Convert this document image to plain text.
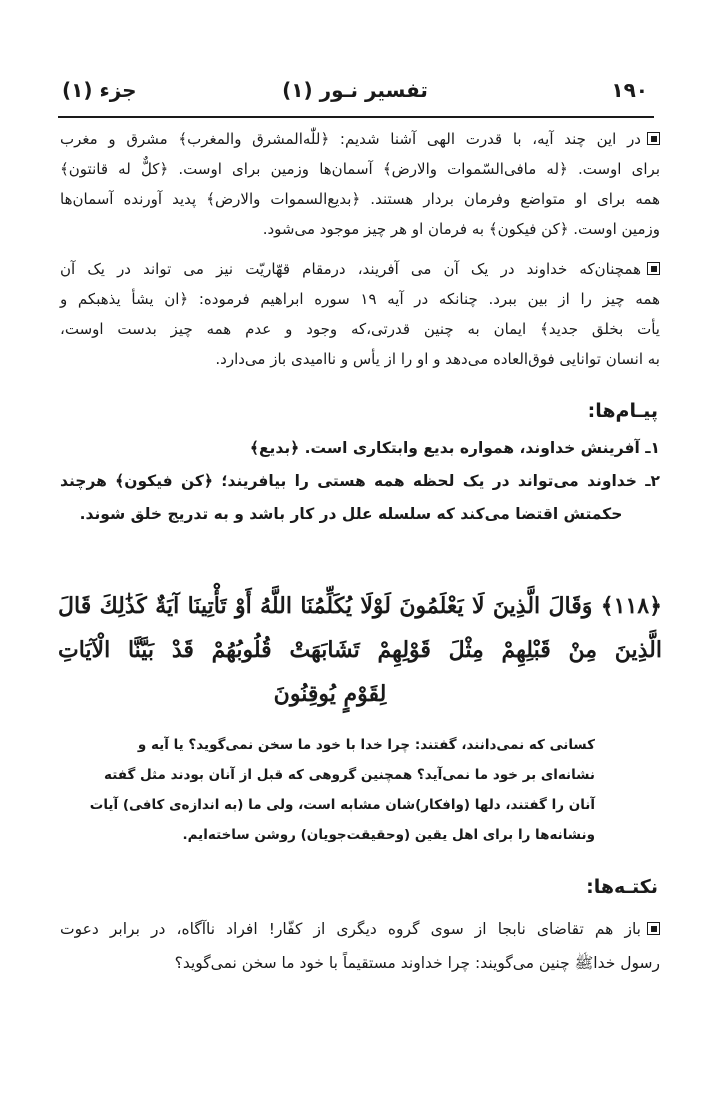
۱۹۰
تفسیر نـور (۱)
جزء (۱)
در این چند آیه، با قدرت الهی آشنا شدیم: ﴿للّٰه‌المشرق والمغرب﴾ مشرق و مغرب
برای اوست. ﴿له مافی‌السّموات والارض﴾ آسمان‌ها وزمین برای اوست. ﴿کلٌّ له قانتون﴾
همه برای او متواضع وفرمان بردار هستند. ﴿بدیع‌السموات والارض﴾ پدید آورنده آسمان‌ها
وزمین اوست. ﴿کن فیکون﴾ به فرمان او هر چیز موجود می‌شود.
همچنان‌که خداوند در یک آن می آفریند، درمقام قهّاریّت نیز می تواند در یک آن
همه چیز را از بین ببرد. چنانکه در آیه ۱۹ سوره ابراهیم فرموده: ﴿ان یشأ یذهبکم و
یأت بخلق جدید﴾ ایمان به چنین قدرتی،که وجود و عدم همه چیز بدست اوست،
به انسان توانایی فوق‌العاده می‌دهد و او را از یأس و ناامیدی باز می‌دارد.
پیـام‌ها:
۱ـ آفرینش خداوند، همواره بدیع وابتکاری است. ﴿بدیع﴾
۲ـ خداوند می‌تواند در یک لحظه همه هستی را بیافریند؛ ﴿کن فیکون﴾ هرچند
حکمتش اقتضا می‌کند که سلسله علل در کار باشد و به تدریج خلق شوند.
﴿۱۱۸﴾ وَقَالَ الَّذِينَ لَا يَعْلَمُونَ لَوْلَا يُكَلِّمُنَا اللَّهُ أَوْ تَأْتِينَا آيَةٌ كَذَٰلِكَ قَالَ
الَّذِينَ مِنْ قَبْلِهِمْ مِثْلَ قَوْلِهِمْ تَشَابَهَتْ قُلُوبُهُمْ قَدْ بَيَّنَّا الْآيَاتِ
لِقَوْمٍ يُوقِنُونَ
کسانی که نمی‌دانند، گفتند: چرا خدا با خود ما سخن نمی‌گوید؟ یا آیه و
نشانه‌ای بر خود ما نمی‌آید؟ همچنین گروهی که قبل از آنان بودند مثل گفته
آنان را گفتند، دلها (وافکار)شان مشابه است، ولی ما (به اندازه‌ی کافی) آیات
ونشانه‌ها را برای اهل یقین (وحقیقت‌جویان) روشن ساخته‌ایم.
نکتـه‌ها:
باز هم تقاضای نابجا از سوی گروه دیگری از کفّار! افراد ناآگاه، در برابر دعوت
رسول خداﷺ چنین می‌گویند: چرا خداوند مستقیماً با خود ما سخن نمی‌گوید؟
